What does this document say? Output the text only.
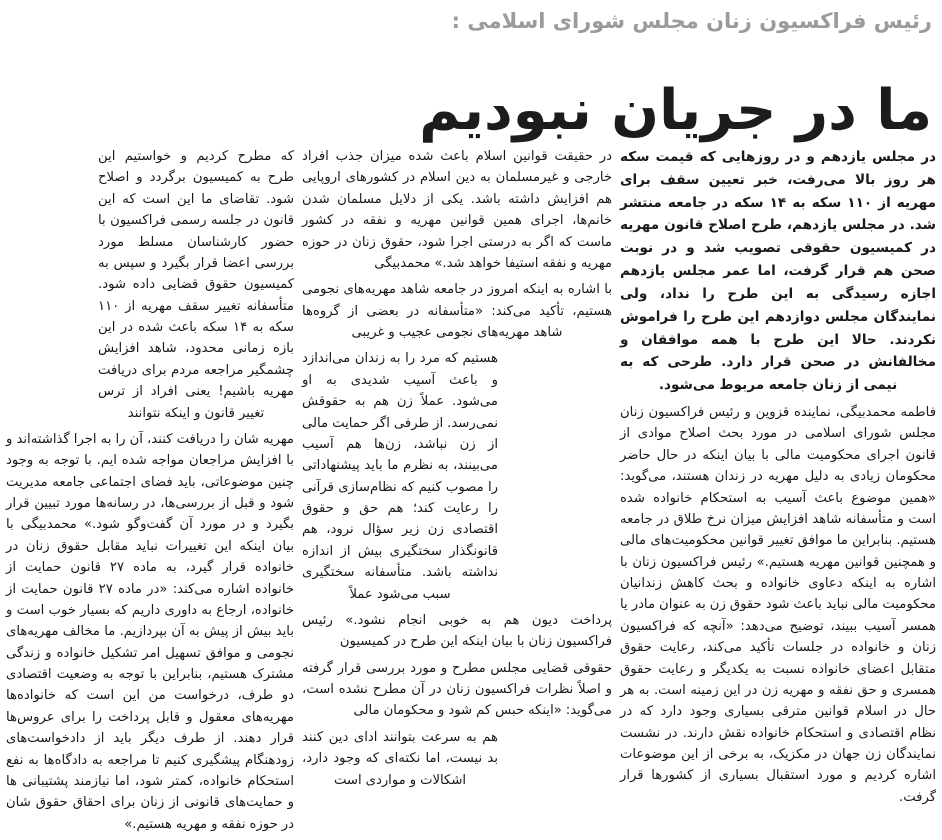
رئیس فراکسیون زنان مجلس شورای اسلامی :
ما در جریان نبودیم

در مجلس یازدهم و در روزهایی که قیمت سکه هر روز بالا می‌رفت، خبر تعیین سقف برای مهریه از ۱۱۰ سکه به ۱۴ سکه در جامعه منتشر شد. در مجلس یازدهم، طرح اصلاح قانون مهریه در کمیسیون حقوقی تصویب شد و در نوبت صحن هم قرار گرفت، اما عمر مجلس یازدهم اجازه رسیدگی به این طرح را نداد، ولی نمایندگان مجلس دوازدهم این طرح را فراموش نکردند. حالا این طرح با همه موافقان و مخالفانش در صحن قرار دارد. طرحی که به نیمی از زنان جامعه مربوط می‌شود.

فاطمه محمدبیگی، نماینده قزوین و رئیس فراکسیون زنان مجلس شورای اسلامی در مورد بحث اصلاح موادی از قانون اجرای محکومیت مالی با بیان اینکه در حال حاضر محکومان زیادی به دلیل مهریه در زندان هستند، می‌گوید: «همین موضوع باعث آسیب به استحکام خانواده شده است و متأسفانه شاهد افزایش میزان نرخ طلاق در جامعه هستیم. بنابراین ما موافق تغییر قوانین محکومیت‌های مالی و همچنین قوانین مهریه هستیم.» رئیس فراکسیون زنان با اشاره به اینکه دعاوی خانواده و بحث کاهش زندانیان محکومیت مالی نباید باعث شود حقوق زن به عنوان مادر یا همسر آسیب ببیند، توضیح می‌دهد: «آنچه که فراکسیون زنان و خانواده در جلسات تأکید می‌کند، رعایت حقوق متقابل اعضای خانواده نسبت به یکدیگر و رعایت حقوق همسری و حق نفقه و مهریه زن در این زمینه است. به هر حال در اسلام قوانین مترقی بسیاری وجود دارد که در نظام اقتصادی و استحکام خانواده نقش دارند. در نشست نمایندگان زن جهان در مکزیک، به برخی از این موضوعات اشاره کردیم و مورد استقبال بسیاری از کشورها قرار گرفت.

در حقیقت قوانین اسلام باعث شده میزان جذب افراد خارجی و غیرمسلمان به دین اسلام در کشورهای اروپایی هم افزایش داشته باشد. یکی از دلایل مسلمان شدن خانم‌ها، اجرای همین قوانین مهریه و نفقه در کشور ماست که اگر به درستی اجرا شود، حقوق زنان در حوزه مهریه و نفقه استیفا خواهد شد.» محمدبیگی

با اشاره به اینکه امروز در جامعه شاهد مهریه‌های نجومی هستیم، تأکید می‌کند: «متأسفانه در بعضی از گروه‌ها شاهد مهریه‌های نجومی عجیب و غریبی

هستیم که مرد را به زندان می‌اندازد و باعث آسیب شدیدی به او می‌شود. عملاً زن هم به حقوقش نمی‌رسد. از طرفی اگر حمایت مالی از زن نباشد، زن‌ها هم آسیب می‌بینند، به نظرم ما باید پیشنهاداتی را مصوب کنیم که نظام‌سازی قرآنی را رعایت کند؛ هم حق و حقوق اقتصادی زن زیر سؤال نرود، هم قانونگذار سختگیری بیش از اندازه نداشته باشد. متأسفانه سختگیری سبب می‌شود عملاً

پرداخت دیون هم به خوبی انجام نشود.» رئیس فراکسیون زنان با بیان اینکه این طرح در کمیسیون

حقوقی قضایی مجلس مطرح و مورد بررسی قرار گرفته و اصلاً نظرات فراکسیون زنان در آن مطرح نشده است، می‌گوید: «اینکه حبس کم شود و محکومان مالی

هم به سرعت بتوانند ادای دین کنند بد نیست، اما نکته‌ای که وجود دارد، اشکالات و مواردی است

که مطرح کردیم و خواستیم این طرح به کمیسیون برگردد و اصلاح شود. تقاضای ما این است که این قانون در جلسه رسمی فراکسیون با حضور کارشناسان مسلط مورد بررسی اعضا قرار بگیرد و سپس به کمیسیون حقوق قضایی داده شود. متأسفانه تغییر سقف مهریه از ۱۱۰ سکه به ۱۴ سکه باعث شده در این بازه زمانی محدود، شاهد افزایش چشمگیر مراجعه مردم برای دریافت مهریه باشیم! یعنی افراد از ترس تغییر قانون و اینکه نتوانند

مهریه شان را دریافت کنند، آن را به اجرا گذاشته‌اند و با افزایش مراجعان مواجه شده ایم. با توجه به وجود چنین موضوعاتی، باید فضای اجتماعی جامعه مدیریت شود و قبل از بررسی‌ها، در رسانه‌ها مورد تبیین قرار بگیرد و در مورد آن گفت‌وگو شود.» محمدبیگی با بیان اینکه این تغییرات نباید مقابل حقوق زنان در خانواده قرار گیرد، به ماده ۲۷ قانون حمایت از خانواده اشاره می‌کند: «در ماده ۲۷ قانون حمایت از خانواده، ارجاع به داوری داریم که بسیار خوب است و باید بیش از پیش به آن بپردازیم. ما مخالف مهریه‌های نجومی و موافق تسهیل امر تشکیل خانواده و زندگی مشترک هستیم، بنابراین با توجه به وضعیت اقتصادی دو طرف، درخواست من این است که خانواده‌ها مهریه‌های معقول و قابل پرداخت را برای عروس‌ها قرار دهند. از طرف دیگر باید از دادخواست‌های زودهنگام پیشگیری کنیم تا مراجعه به دادگاه‌ها به نفع استحکام خانواده، کمتر شود، اما نیازمند پشتیبانی ها و حمایت‌های قانونی از زنان برای احقاق حقوق شان در حوزه نفقه و مهریه هستیم.»
